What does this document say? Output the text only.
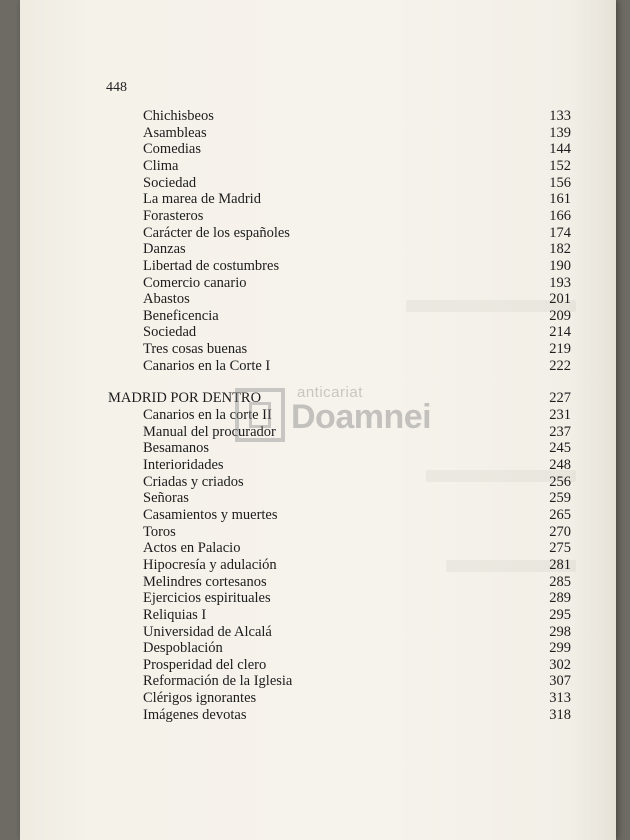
448
Chichisbeos	133
Asambleas	139
Comedias	144
Clima	152
Sociedad	156
La marea de Madrid	161
Forasteros	166
Carácter de los españoles	174
Danzas	182
Libertad de costumbres	190
Comercio canario	193
Abastos	201
Beneficencia	209
Sociedad	214
Tres cosas buenas	219
Canarios en la Corte I	222
MADRID POR DENTRO	227
Canarios en la corte II	231
Manual del procurador	237
Besamanos	245
Interioridades	248
Criadas y criados	256
Señoras	259
Casamientos y muertes	265
Toros	270
Actos en Palacio	275
Hipocresía y adulación	281
Melindres cortesanos	285
Ejercicios espirituales	289
Reliquias I	295
Universidad de Alcalá	298
Despoblación	299
Prosperidad del clero	302
Reformación de la Iglesia	307
Clérigos ignorantes	313
Imágenes devotas	318
anticariat
Doamnei
